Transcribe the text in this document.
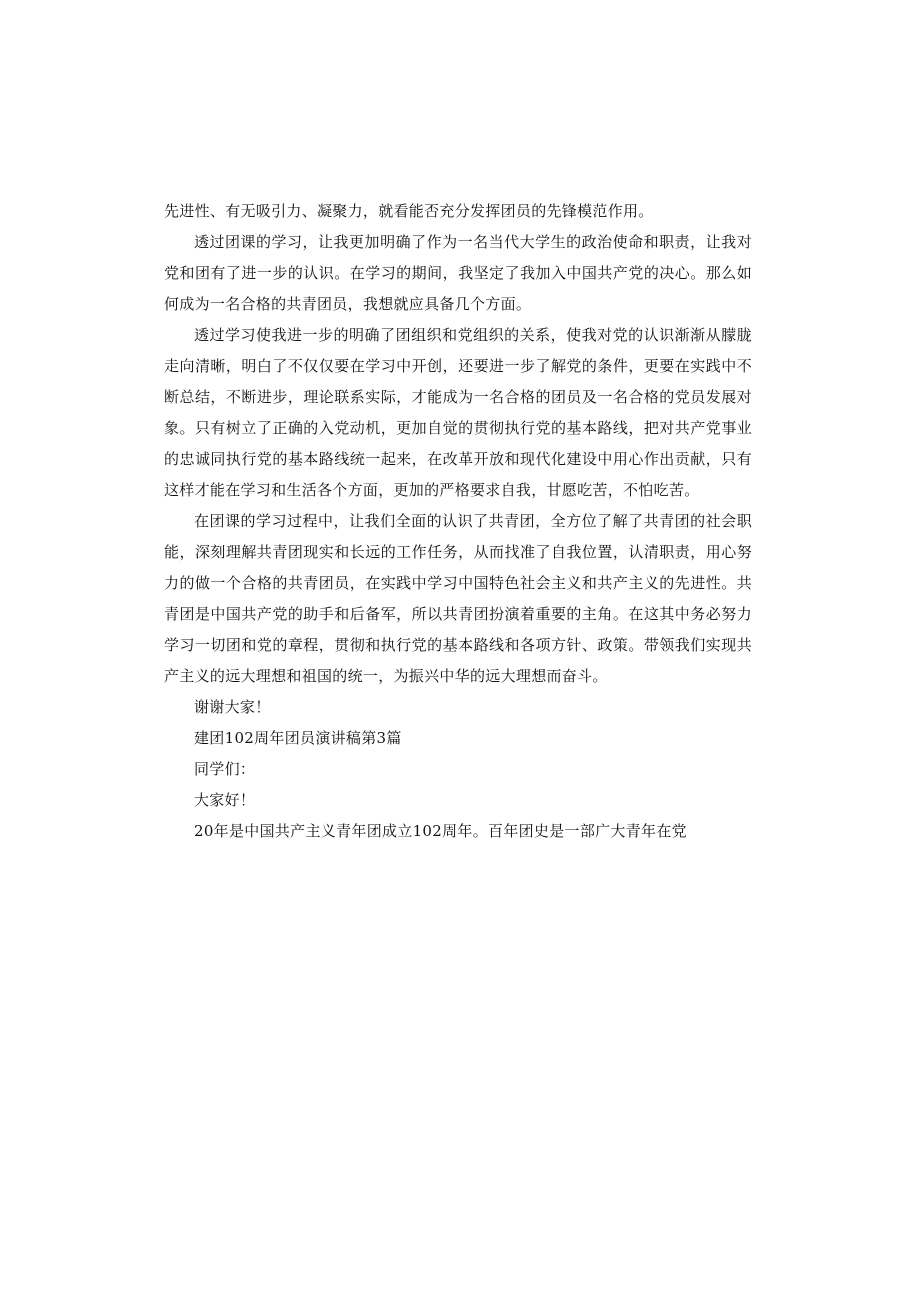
先进性、有无吸引力、凝聚力，就看能否充分发挥团员的先锋模范作用。

透过团课的学习，让我更加明确了作为一名当代大学生的政治使命和职责，让我对党和团有了进一步的认识。在学习的期间，我坚定了我加入中国共产党的决心。那么如何成为一名合格的共青团员，我想就应具备几个方面。

透过学习使我进一步的明确了团组织和党组织的关系，使我对党的认识渐渐从朦胧走向清晰，明白了不仅仅要在学习中开创，还要进一步了解党的条件，更要在实践中不断总结，不断进步，理论联系实际，才能成为一名合格的团员及一名合格的党员发展对象。只有树立了正确的入党动机，更加自觉的贯彻执行党的基本路线，把对共产党事业的忠诚同执行党的基本路线统一起来，在改革开放和现代化建设中用心作出贡献，只有这样才能在学习和生活各个方面，更加的严格要求自我，甘愿吃苦，不怕吃苦。

在团课的学习过程中，让我们全面的认识了共青团，全方位了解了共青团的社会职能，深刻理解共青团现实和长远的工作任务，从而找准了自我位置，认清职责，用心努力的做一个合格的共青团员，在实践中学习中国特色社会主义和共产主义的先进性。共青团是中国共产党的助手和后备军，所以共青团扮演着重要的主角。在这其中务必努力学习一切团和党的章程，贯彻和执行党的基本路线和各项方针、政策。带领我们实现共产主义的远大理想和祖国的统一，为振兴中华的远大理想而奋斗。

谢谢大家！

建团102周年团员演讲稿第3篇

同学们：

大家好！

20年是中国共产主义青年团成立102周年。百年团史是一部广大青年在党
